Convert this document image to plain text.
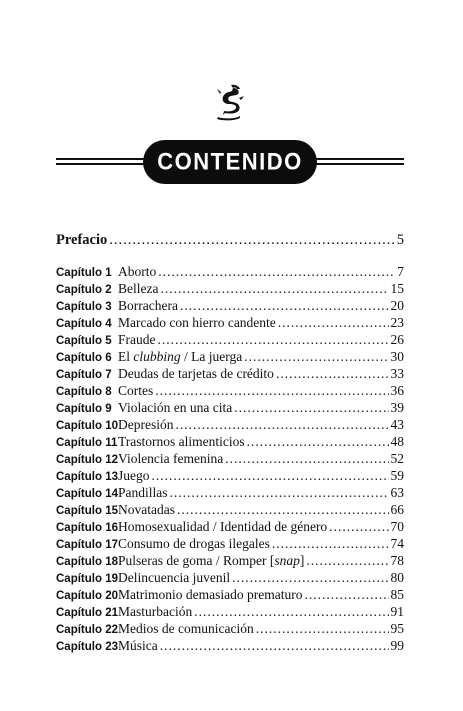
CONTENIDO
Prefacio .....	5
Capítulo 1 Aborto .....	7
Capítulo 2 Belleza .....	15
Capítulo 3 Borrachera .....	20
Capítulo 4 Marcado con hierro candente .....	23
Capítulo 5 Fraude .....	26
Capítulo 6 El clubbing / La juerga .....	30
Capítulo 7 Deudas de tarjetas de crédito .....	33
Capítulo 8 Cortes .....	36
Capítulo 9 Violación en una cita .....	39
Capítulo 10 Depresión .....	43
Capítulo 11 Trastornos alimenticios .....	48
Capítulo 12 Violencia femenina .....	52
Capítulo 13 Juego .....	59
Capítulo 14 Pandillas .....	63
Capítulo 15 Novatadas .....	66
Capítulo 16 Homosexualidad / Identidad de género .....	70
Capítulo 17 Consumo de drogas ilegales .....	74
Capítulo 18 Pulseras de goma / Romper [snap] .....	78
Capítulo 19 Delincuencia juvenil .....	80
Capítulo 20 Matrimonio demasiado prematuro .....	85
Capítulo 21 Masturbación .....	91
Capítulo 22 Medios de comunicación .....	95
Capítulo 23 Música .....	99
